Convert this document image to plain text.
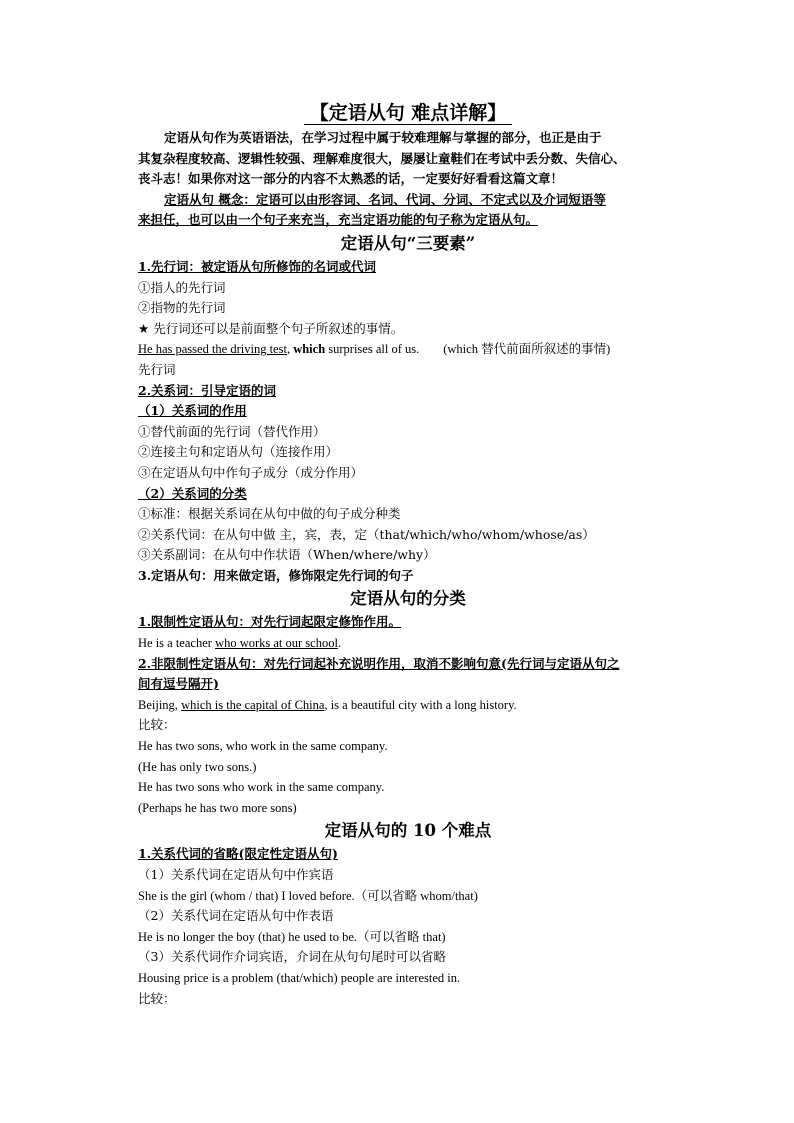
【定语从句 难点详解】
定语从句作为英语语法，在学习过程中属于较难理解与掌握的部分，也正是由于
其复杂程度较高、逻辑性较强、理解难度很大，屡屡让童鞋们在考试中丢分数、失信心、
丧斗志！如果你对这一部分的内容不太熟悉的话，一定要好好看看这篇文章！
定语从句 概念：定语可以由形容词、名词、代词、分词、不定式以及介词短语等
来担任，也可以由一个句子来充当，充当定语功能的句子称为定语从句。
定语从句“三要素”
1.先行词：被定语从句所修饰的名词或代词
①指人的先行词
②指物的先行词
★ 先行词还可以是前面整个句子所叙述的事情。
He has passed the driving test, which surprises all of us. (which 替代前面所叙述的事情)
先行词
2.关系词：引导定语的词
（1）关系词的作用
①替代前面的先行词（替代作用）
②连接主句和定语从句（连接作用）
③在定语从句中作句子成分（成分作用）
（2）关系词的分类
①标准：根据关系词在从句中做的句子成分种类
②关系代词：在从句中做 主，宾，表，定（that/which/who/whom/whose/as）
③关系副词：在从句中作状语（When/where/why）
3.定语从句：用来做定语，修饰限定先行词的句子
定语从句的分类
1.限制性定语从句：对先行词起限定修饰作用。
He is a teacher who works at our school.
2.非限制性定语从句：对先行词起补充说明作用，取消不影响句意(先行词与定语从句之
间有逗号隔开)
Beijing, which is the capital of China, is a beautiful city with a long history.
比较：
He has two sons, who work in the same company.
(He has only two sons.)
He has two sons who work in the same company.
(Perhaps he has two more sons)
定语从句的 10 个难点
1.关系代词的省略(限定性定语从句)
（1）关系代词在定语从句中作宾语
She is the girl (whom / that) I loved before.（可以省略 whom/that)
（2）关系代词在定语从句中作表语
He is no longer the boy (that) he used to be.（可以省略 that)
（3）关系代词作介词宾语，介词在从句句尾时可以省略
Housing price is a problem (that/which) people are interested in.
比较：
